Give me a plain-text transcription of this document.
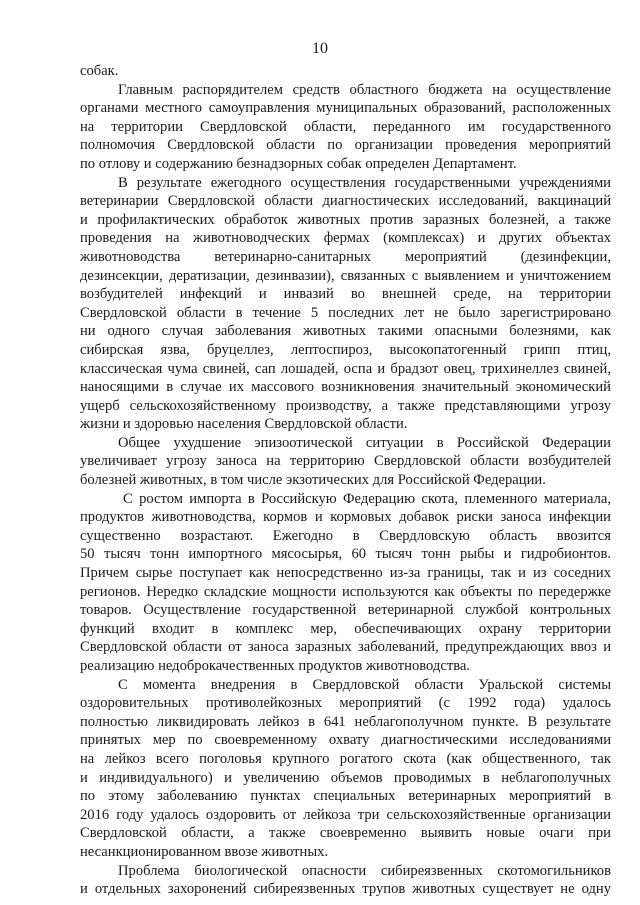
10
собак.
Главным распорядителем средств областного бюджета на осуществление
органами местного самоуправления муниципальных образований, расположенных
на территории Свердловской области, переданного им государственного
полномочия Свердловской области по организации проведения мероприятий
по отлову и содержанию безнадзорных собак определен Департамент.
В результате ежегодного осуществления государственными учреждениями
ветеринарии Свердловской области диагностических исследований, вакцинаций
и профилактических обработок животных против заразных болезней, а также
проведения на животноводческих фермах (комплексах) и других объектах
животноводства ветеринарно-санитарных мероприятий (дезинфекции,
дезинсекции, дератизации, дезинвазии), связанных с выявлением и уничтожением
возбудителей инфекций и инвазий во внешней среде, на территории
Свердловской области в течение 5 последних лет не было зарегистрировано
ни одного случая заболевания животных такими опасными болезнями, как
сибирская язва, бруцеллез, лептоспироз, высокопатогенный грипп птиц,
классическая чума свиней, сап лошадей, оспа и брадзот овец, трихинеллез свиней,
наносящими в случае их массового возникновения значительный экономический
ущерб сельскохозяйственному производству, а также представляющими угрозу
жизни и здоровью населения Свердловской области.
Общее ухудшение эпизоотической ситуации в Российской Федерации
увеличивает угрозу заноса на территорию Свердловской области возбудителей
болезней животных, в том числе экзотических для Российской Федерации.
С ростом импорта в Российскую Федерацию скота, племенного материала,
продуктов животноводства, кормов и кормовых добавок риски заноса инфекции
существенно возрастают. Ежегодно в Свердловскую область ввозится
50 тысяч тонн импортного мясосырья, 60 тысяч тонн рыбы и гидробионтов.
Причем сырье поступает как непосредственно из-за границы, так и из соседних
регионов. Нередко складские мощности используются как объекты по передержке
товаров. Осуществление государственной ветеринарной службой контрольных
функций входит в комплекс мер, обеспечивающих охрану территории
Свердловской области от заноса заразных заболеваний, предупреждающих ввоз и
реализацию недоброкачественных продуктов животноводства.
С момента внедрения в Свердловской области Уральской системы
оздоровительных противолейкозных мероприятий (с 1992 года) удалось
полностью ликвидировать лейкоз в 641 неблагополучном пункте. В результате
принятых мер по своевременному охвату диагностическими исследованиями
на лейкоз всего поголовья крупного рогатого скота (как общественного, так
и индивидуального) и увеличению объемов проводимых в неблагополучных
по этому заболеванию пунктах специальных ветеринарных мероприятий в
2016 году удалось оздоровить от лейкоза три сельскохозяйственные организации
Свердловской области, а также своевременно выявить новые очаги при
несанкционированном ввозе животных.
Проблема биологической опасности сибиреязвенных скотомогильников
и отдельных захоронений сибиреязвенных трупов животных существует не одну
